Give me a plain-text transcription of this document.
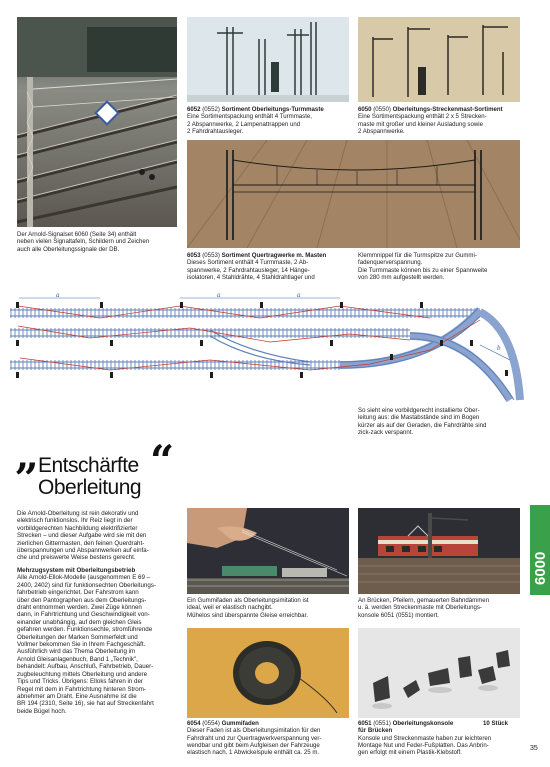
Der Arnold-Signalset 6060 (Seite 34) enthält
neben vielen Signaltafeln, Schildern und Zeichen
auch alle Oberleitungssignale der DB.
6052 (0552) Sortiment Oberleitungs-Turmmaste
Eine Sortimentspackung enthält 4 Turmmaste,
2 Abspannwerke, 2 Lampenattrappen und
2 Fahrdrahtausleger.
6050 (0550) Oberleitungs-Streckenmast-Sortiment
Eine Sortimentspackung enthält 2 x 5 Strecken-
maste mit großer und kleiner Ausladung sowie
2 Abspannwerke.
6053 (0553) Sortiment Quertragwerke m. Masten
Dieses Sortiment enthält 4 Turmmaste, 2 Ab-
spannwerke, 2 Fahrdrahtausleger, 14 Hänge-
isolatoren, 4 Stahldrähte, 4 Stahldrahtlager und
Klemmnippel für die Turmspitze zur Gummi-
fadenquerverspannung.
Die Turmmaste können bis zu einer Spannweite
von 280 mm aufgestellt werden.
a	a	a
b
So sieht eine vorbildgerecht installierte Ober-
leitung aus: die Mastabstände sind im Bogen
kürzer als auf der Geraden, die Fahrdrähte sind
zick-zack verspannt.
„
Entschärfte
Oberleitung
“
Die Arnold-Oberleitung ist rein dekorativ und
elektrisch funktionslos. Ihr Reiz liegt in der
vorbildgerechten Nachbildung elektrifizierter
Strecken – und dieser Aufgabe wird sie mit den
zierlichen Gittermasten, den feinen Querdraht-
überspannungen und Abspannwerken auf einfa-
che und preiswerte Weise bestens gerecht.
Mehrzugsystem mit Oberleitungsbetrieb
Alle Arnold-Ellok-Modelle (ausgenommen E 69 –
2400, 2402) sind für funktionsechten Oberleitungs-
fahrbetrieb eingerichtet. Der Fahrstrom kann
über den Pantographen aus dem Oberleitungs-
draht entnommen werden. Zwei Züge können
dann, in Fahrtrichtung und Geschwindigkeit von-
einander unabhängig, auf dem gleichen Gleis
gefahren werden. Funktionsechte, stromführende
Oberleitungen der Marken Sommerfeldt und
Vollmer bekommen Sie in Ihrem Fachgeschäft.
Ausführlich wird das Thema Oberleitung im
Arnold Gleisanlagenbuch, Band 1 „Technik",
behandelt: Aufbau, Anschluß, Fahrbetrieb, Dauer-
zugbeleuchtung mittels Oberleitung und andere
Tips und Tricks. Übrigens: Elloks fahren in der
Regel mit dem in Fahrtrichtung hinteren Strom-
abnehmer am Draht. Eine Ausnahme ist die
BR 194 (2310, Seite 16), sie hat auf Streckenfahrt
beide Bügel hoch.
Ein Gummifaden als Oberleitungsimitation ist
ideal, weil er elastisch nachgibt.
Mühelos sind überspannte Gleise erreichbar.
An Brücken, Pfeilern, gemauerten Bahndämmen
u. ä. werden Streckenmaste mit Oberleitungs-
konsole 6051 (0551) montiert.
6054 (0554) Gummifaden
Dieser Faden ist als Oberleitungsimitation für den
Fahrdraht und zur Quertragwerkverspannung ver-
wendbar und gibt beim Aufgleisen der Fahrzeuge
elastisch nach. 1 Abwickelspule enthält ca. 25 m.
6051 (0551) Oberleitungskonsole	10 Stück
für Brücken
Konsole und Streckenmaste haben zur leichteren
Montage Nut und Feder-Fußplatten. Das Anbrin-
gen erfolgt mit einem Plastik-Klebstoff.
6000
35
